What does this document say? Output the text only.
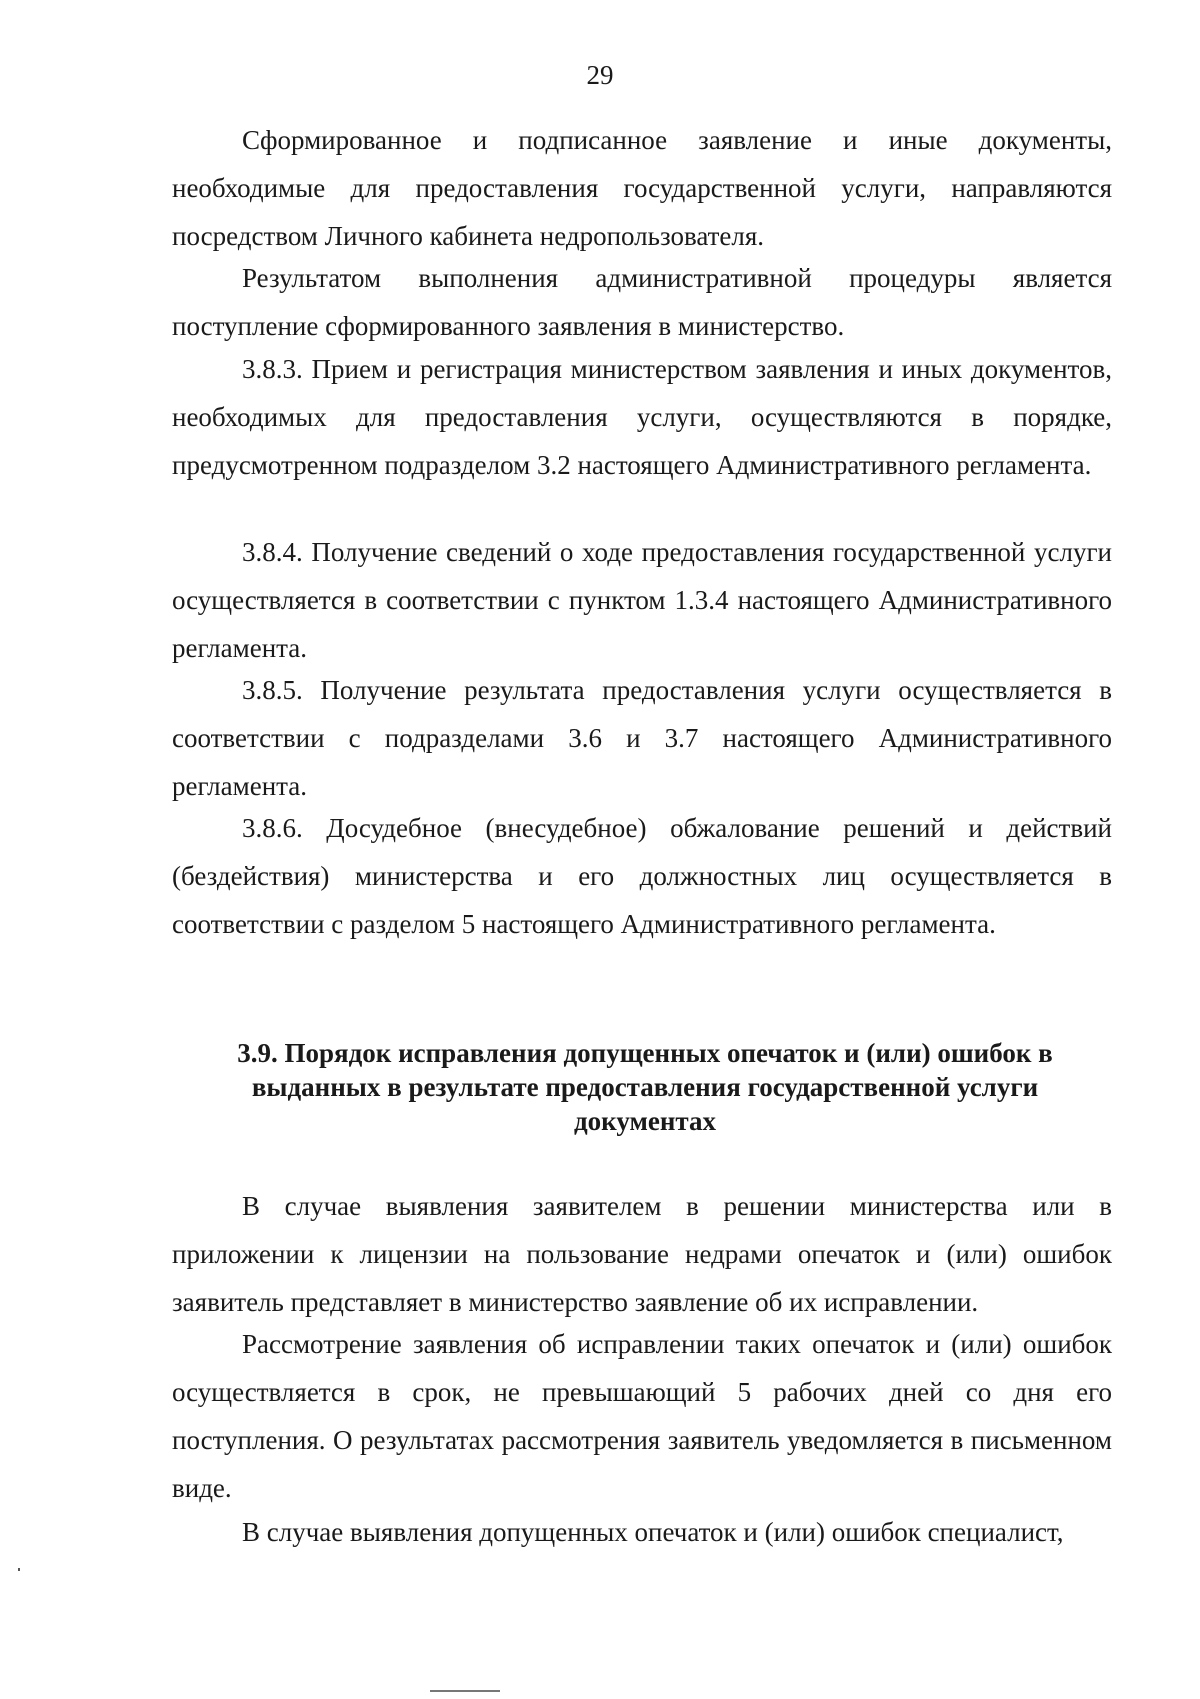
29

Сформированное и подписанное заявление и иные документы, необходимые для предоставления государственной услуги, направляются посредством Личного кабинета недропользователя.

Результатом выполнения административной процедуры является поступление сформированного заявления в министерство.

3.8.3. Прием и регистрация министерством заявления и иных документов, необходимых для предоставления услуги, осуществляются в порядке, предусмотренном подразделом 3.2 настоящего Административного регламента.

3.8.4. Получение сведений о ходе предоставления государственной услуги осуществляется в соответствии с пунктом 1.3.4 настоящего Административного регламента.

3.8.5. Получение результата предоставления услуги осуществляется в соответствии с подразделами 3.6 и 3.7 настоящего Административного регламента.

3.8.6. Досудебное (внесудебное) обжалование решений и действий (бездействия) министерства и его должностных лиц осуществляется в соответствии с разделом 5 настоящего Административного регламента.

3.9. Порядок исправления допущенных опечаток и (или) ошибок в выданных в результате предоставления государственной услуги документах

В случае выявления заявителем в решении министерства или в приложении к лицензии на пользование недрами опечаток и (или) ошибок заявитель представляет в министерство заявление об их исправлении.

Рассмотрение заявления об исправлении таких опечаток и (или) ошибок осуществляется в срок, не превышающий 5 рабочих дней со дня его поступления. О результатах рассмотрения заявитель уведомляется в письменном виде.

В случае выявления допущенных опечаток и (или) ошибок специалист,
